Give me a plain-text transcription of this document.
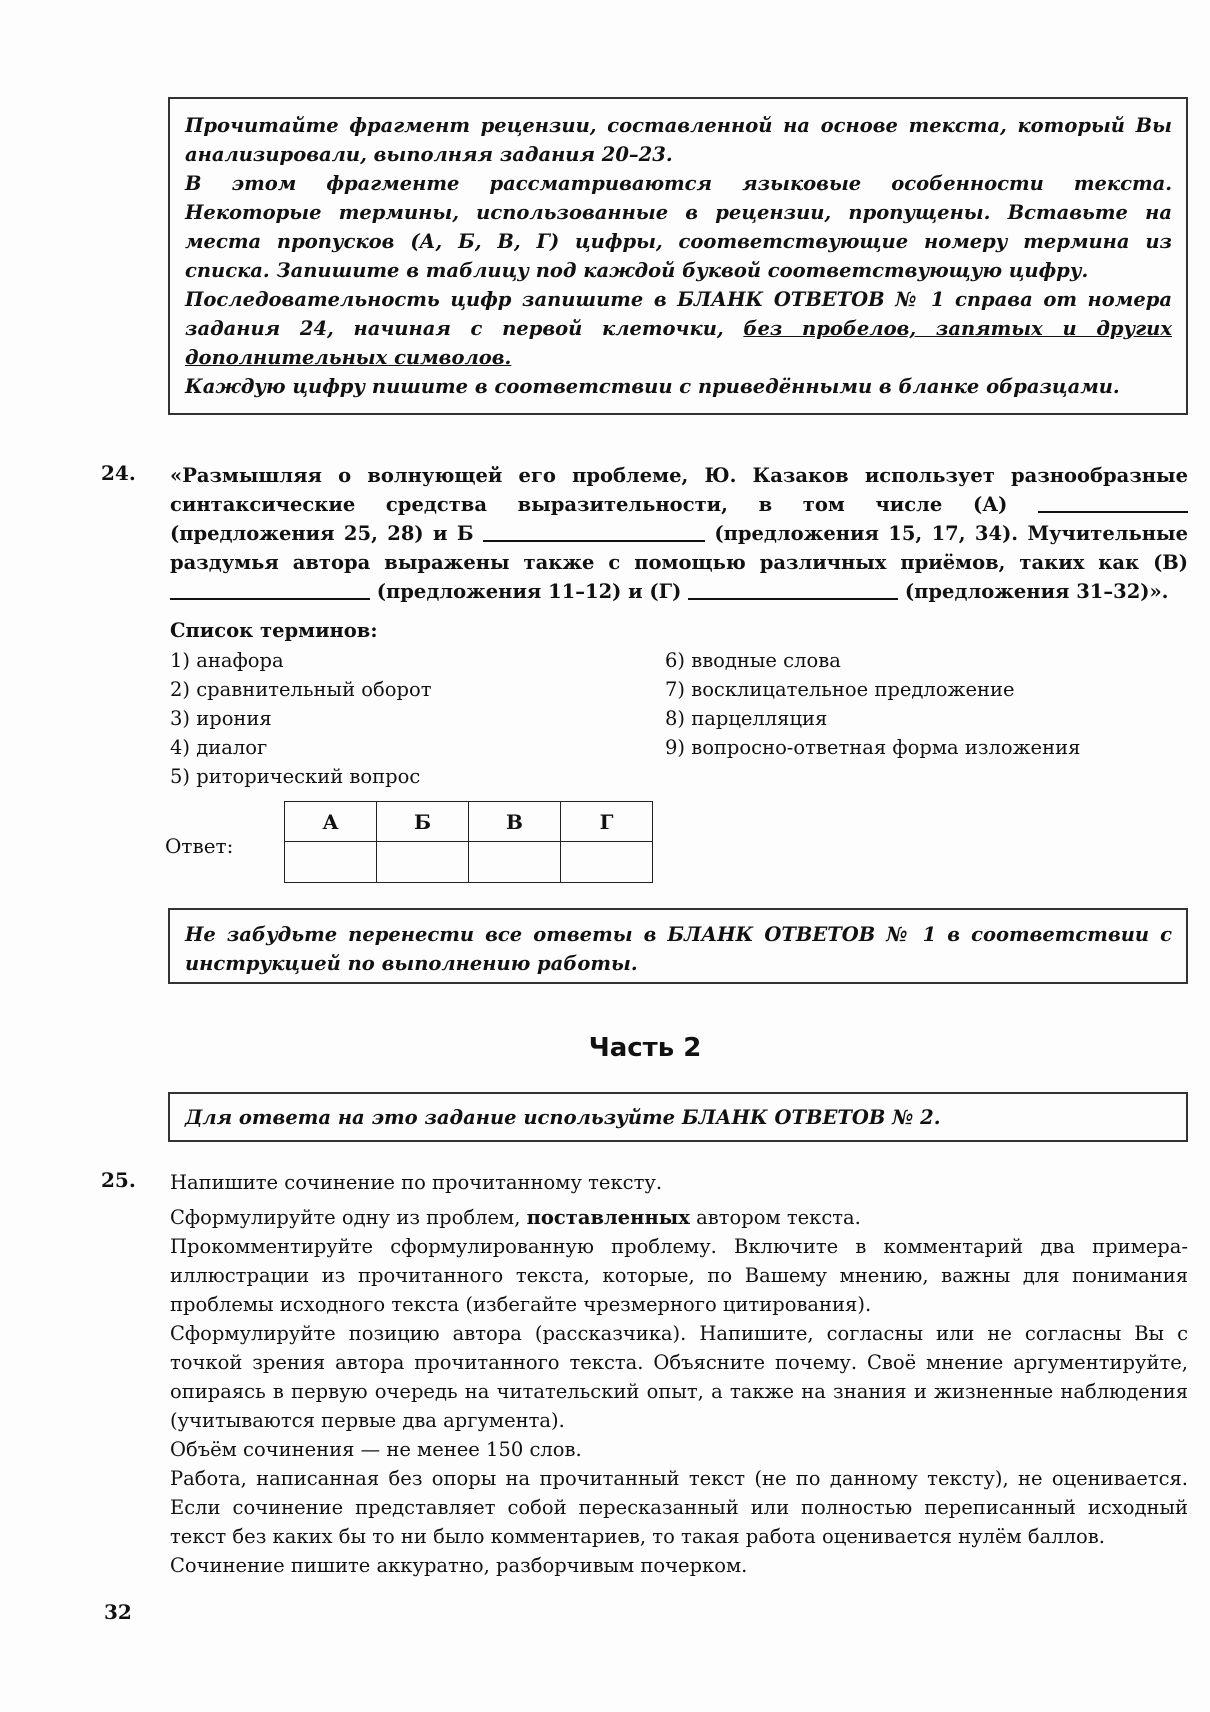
Прочитайте фрагмент рецензии, составленной на основе текста, который Вы анализировали, выполняя задания 20–23.

В этом фрагменте рассматриваются языковые особенности текста. Некоторые термины, использованные в рецензии, пропущены. Вставьте на места пропусков (А, Б, В, Г) цифры, соответствующие номеру термина из списка. Запишите в таблицу под каждой буквой соответствующую цифру.

Последовательность цифр запишите в БЛАНК ОТВЕТОВ № 1 справа от номера задания 24, начиная с первой клеточки, без пробелов, запятых и других дополнительных символов.

Каждую цифру пишите в соответствии с приведёнными в бланке образцами.

24. «Размышляя о волнующей его проблеме, Ю. Казаков использует разнообразные синтаксические средства выразительности, в том числе (А)  (предложения 25, 28) и Б	(предложения 15, 17, 34). Мучительные раздумья автора выражены также с помощью различных приёмов, таких как (В)  (предложения 11–12) и (Г)	(предложения 31–32)».
Список терминов:
1) анафора
2) сравнительный оборот
3) ирония
4) диалог
5) риторический вопрос
6) вводные слова
7) восклицательное предложение
8) парцелляция
9) вопросно-ответная форма изложения
Ответ:
А	Б	В	Г

Не забудьте перенести все ответы в БЛАНК ОТВЕТОВ № 1 в соответствии с инструкцией по выполнению работы.

Часть 2

Для ответа на это задание используйте БЛАНК ОТВЕТОВ № 2.

25. Напишите сочинение по прочитанному тексту.

Сформулируйте одну из проблем, поставленных автором текста.

Прокомментируйте сформулированную проблему. Включите в комментарий два примера-иллюстрации из прочитанного текста, которые, по Вашему мнению, важны для понимания проблемы исходного текста (избегайте чрезмерного цитирования).

Сформулируйте позицию автора (рассказчика). Напишите, согласны или не согласны Вы с точкой зрения автора прочитанного текста. Объясните почему. Своё мнение аргументируйте, опираясь в первую очередь на читательский опыт, а также на знания и жизненные наблюдения (учитываются первые два аргумента).

Объём сочинения — не менее 150 слов.

Работа, написанная без опоры на прочитанный текст (не по данному тексту), не оценивается. Если сочинение представляет собой пересказанный или полностью переписанный исходный текст без каких бы то ни было комментариев, то такая работа оценивается нулём баллов.

Сочинение пишите аккуратно, разборчивым почерком.

32
